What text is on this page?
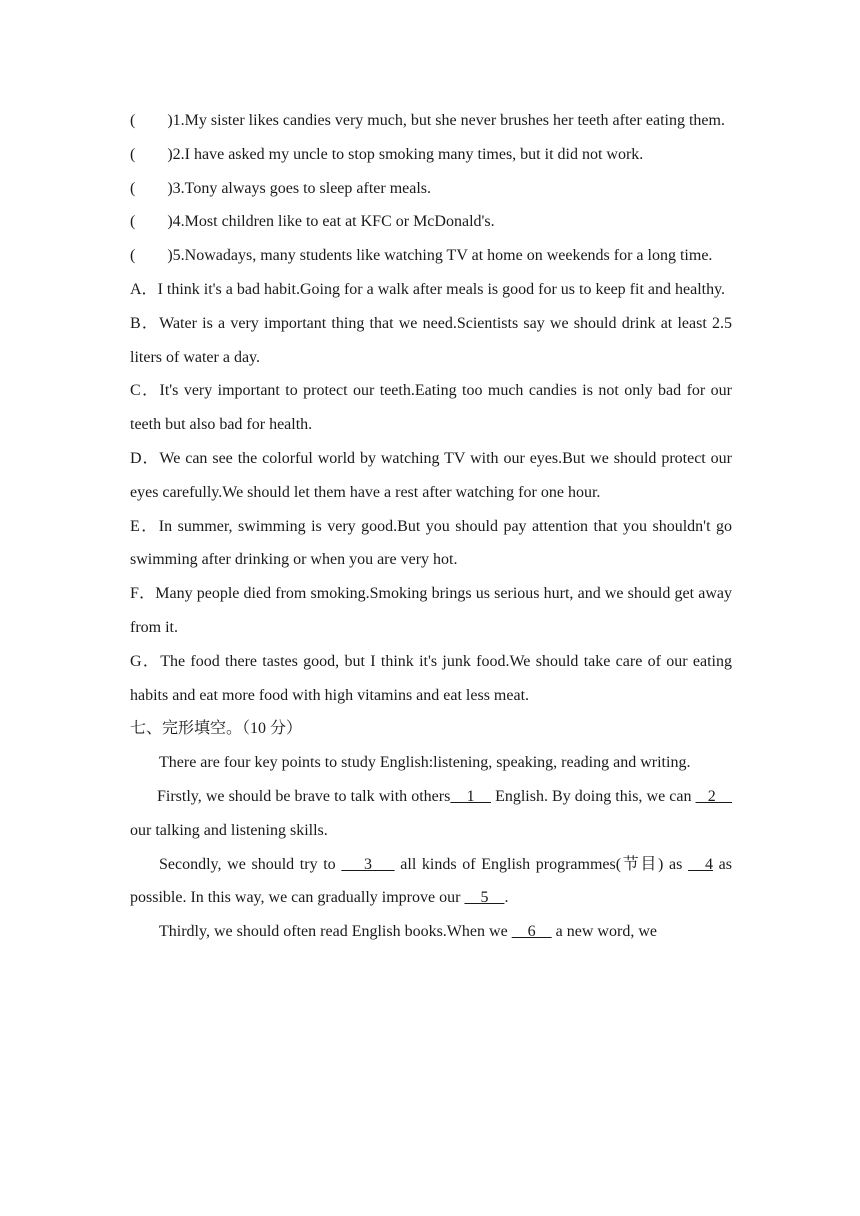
(　　)1.My sister likes candies very much, but she never brushes her teeth after eating them.

(　　)2.I have asked my uncle to stop smoking many times, but it did not work.

(　　)3.Tony always goes to sleep after meals.

(　　)4.Most children like to eat at KFC or McDonald's.

(　　)5.Nowadays, many students like watching TV at home on weekends for a long time.

A．I think it's a bad habit.Going for a walk after meals is good for us to keep fit and healthy.

B．Water is a very important thing that we need.Scientists say we should drink at least 2.5 liters of water a day.

C．It's very important to protect our teeth.Eating too much candies is not only bad for our teeth but also bad for health.

D．We can see the colorful world by watching TV with our eyes.But we should protect our eyes carefully.We should let them have a rest after watching for one hour.

E．In summer, swimming is very good.But you should pay attention that you shouldn't go swimming after drinking or when you are very hot.

F．Many people died from smoking.Smoking brings us serious hurt, and we should get away from it.

G．The food there tastes good, but I think it's junk food.We should take care of our eating habits and eat more food with high vitamins and eat less meat.

七、完形填空。（10 分）

There are four key points to study English:listening, speaking, reading and writing.

Firstly, we should be brave to talk with others    1     English. By doing this, we can    2     our talking and listening skills.

Secondly, we should try to     3     all kinds of English programmes(节目) as    4 as possible. In this way, we can gradually improve our     5    .

Thirdly, we should often read English books.When we     6     a new word, we
